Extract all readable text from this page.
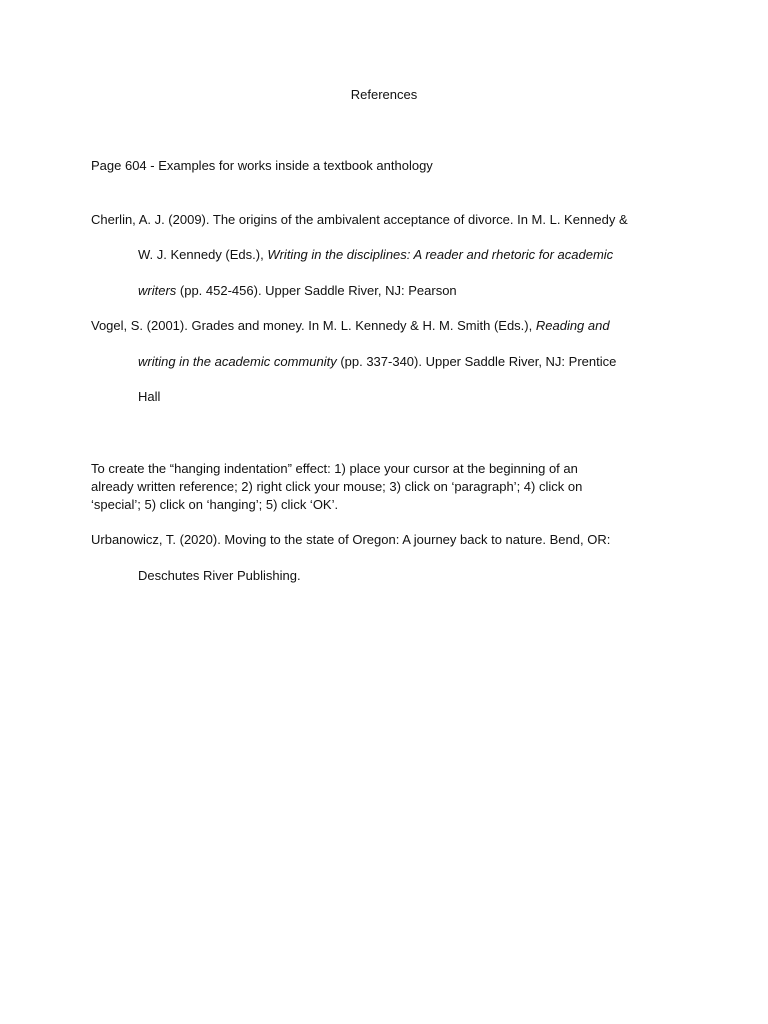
References
Page 604 - Examples for works inside a textbook anthology
Cherlin, A. J. (2009). The origins of the ambivalent acceptance of divorce. In M. L. Kennedy &
W. J. Kennedy (Eds.), Writing in the disciplines: A reader and rhetoric for academic
writers (pp. 452-456). Upper Saddle River, NJ: Pearson
Vogel, S. (2001). Grades and money. In M. L. Kennedy & H. M. Smith (Eds.), Reading and
writing in the academic community (pp. 337-340). Upper Saddle River, NJ: Prentice
Hall
To create the “hanging indentation” effect: 1) place your cursor at the beginning of an
already written reference; 2) right click your mouse; 3) click on ‘paragraph’; 4) click on
‘special’; 5) click on ‘hanging’; 5) click ‘OK’.
Urbanowicz, T. (2020). Moving to the state of Oregon: A journey back to nature. Bend, OR:
Deschutes River Publishing.
